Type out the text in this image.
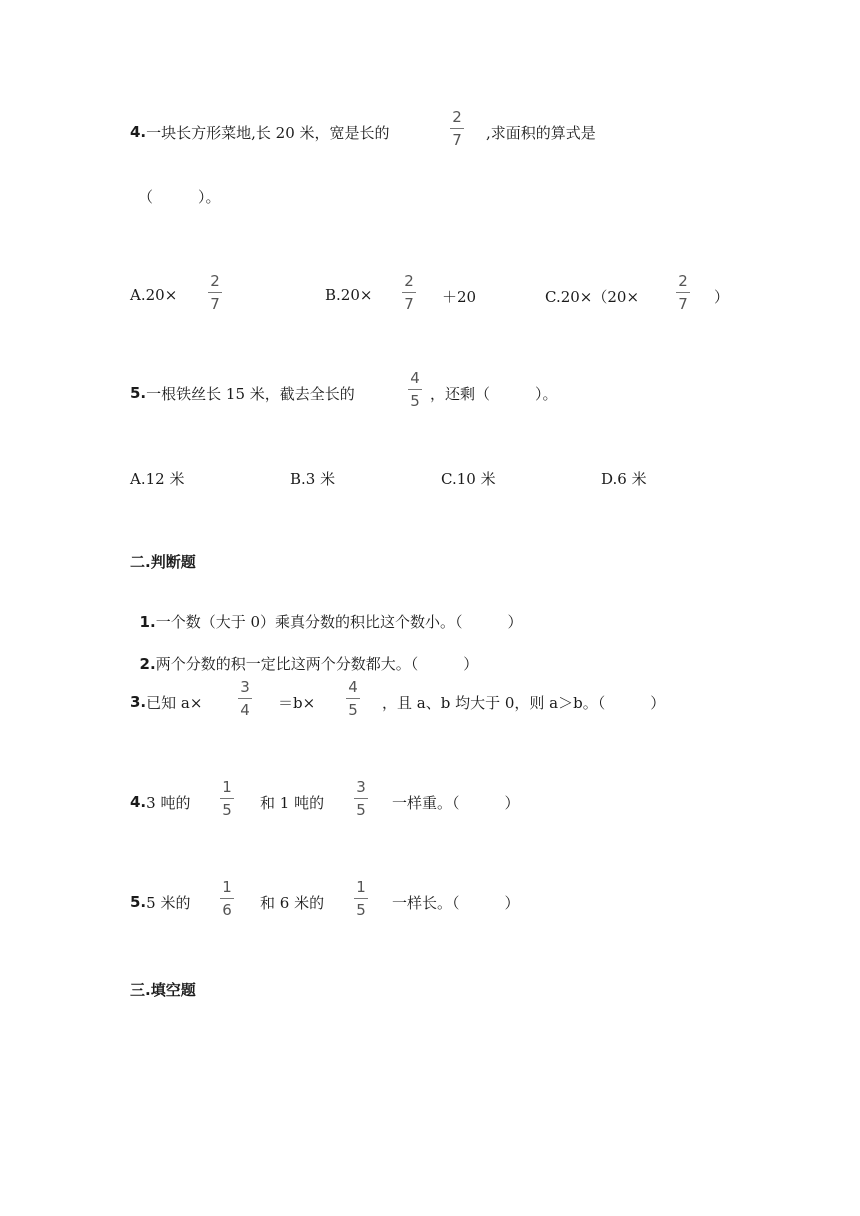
4. 一块长方形菜地,长 20 米，宽是长的	$\frac{2}{7}$ ,求面积的算式是
（　　　）。
$A.20\times \frac{2}{7}$	$B.20\times \frac{2}{7} +20$	$C.20\times(20\times \frac{2}{7}$ ）
5. 一根铁丝长 15 米，截去全长的	$\frac{4}{5}$ ，还剩（　　　）。
A.12 米	B.3 米	C.10 米	D.6 米
二.判断题

1.一个数（大于 0）乘真分数的积比这个数小。（　　　）

2.两个分数的积一定比这两个分数都大。（　　　）

3. 已知 $a\times \frac{3}{4} =b\times \frac{4}{5}$ ，且 a、b 均大于 0，则 a＞b。（　　　）
4. 3 吨的 $\frac{1}{5}$ 和 1 吨的 $\frac{3}{5}$ 一样重。（　　　）
5. 5 米的 $\frac{1}{6}$ 和 6 米的 $\frac{1}{5}$ 一样长。（　　　）
三.填空题
